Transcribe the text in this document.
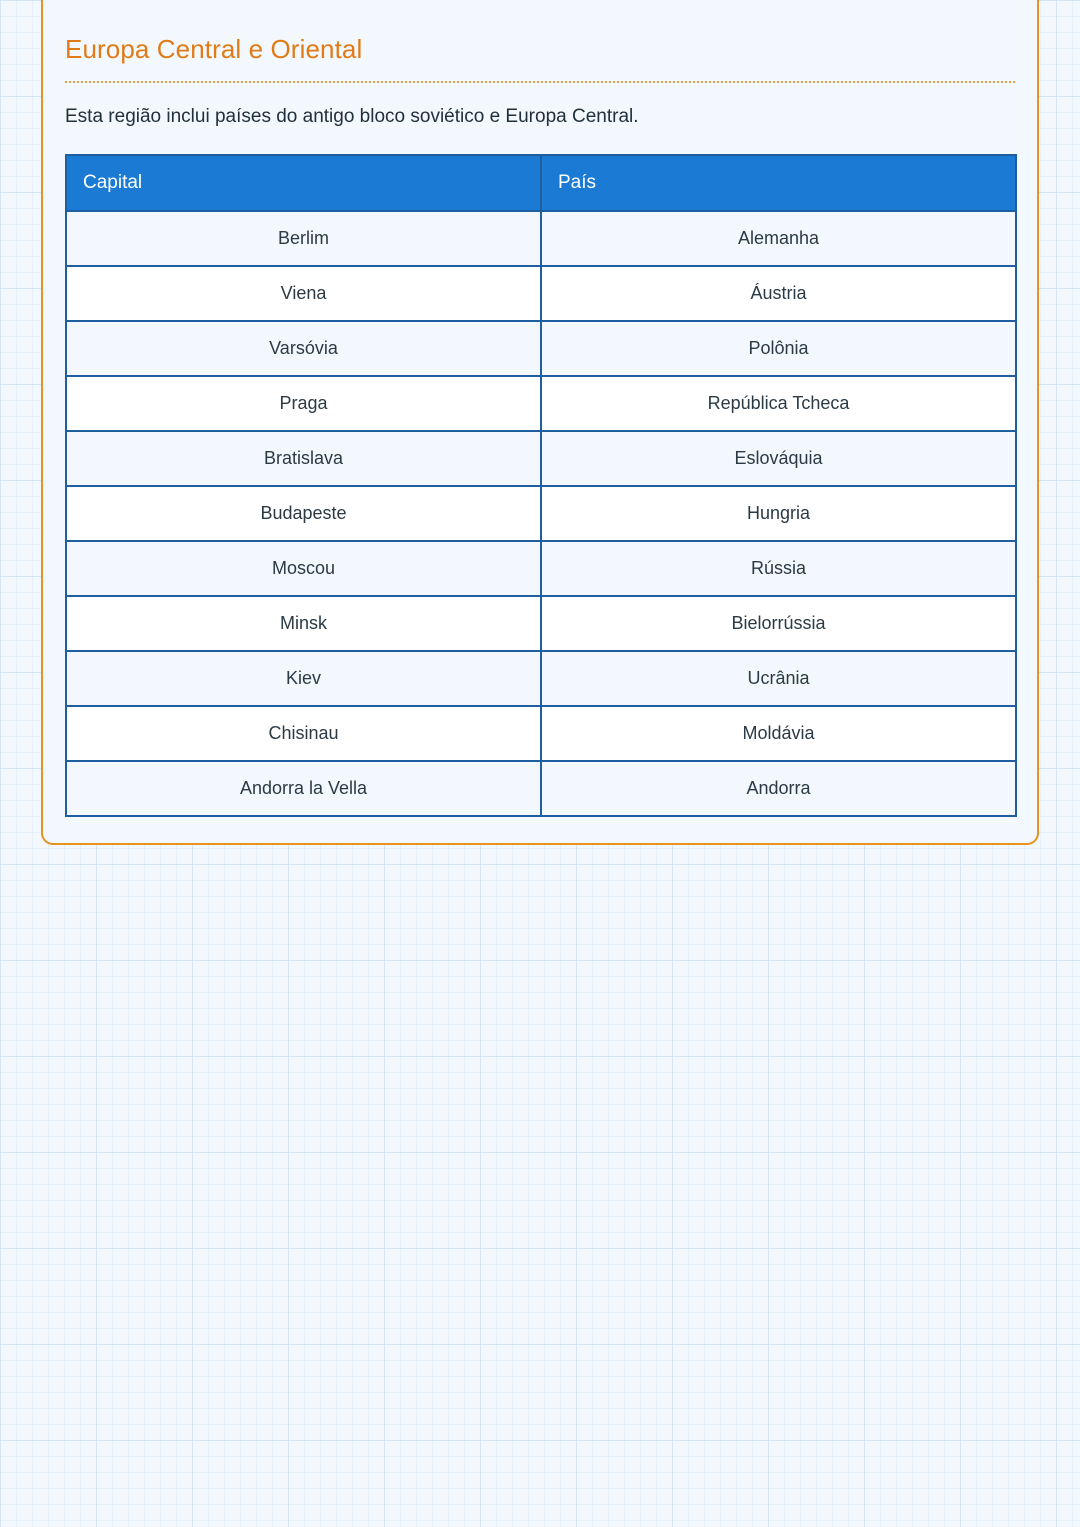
Europa Central e Oriental

Esta região inclui países do antigo bloco soviético e Europa Central.

Capital	País
Berlim	Alemanha
Viena	Áustria
Varsóvia	Polônia
Praga	República Tcheca
Bratislava	Eslováquia
Budapeste	Hungria
Moscou	Rússia
Minsk	Bielorrússia
Kiev	Ucrânia
Chisinau	Moldávia
Andorra la Vella	Andorra
